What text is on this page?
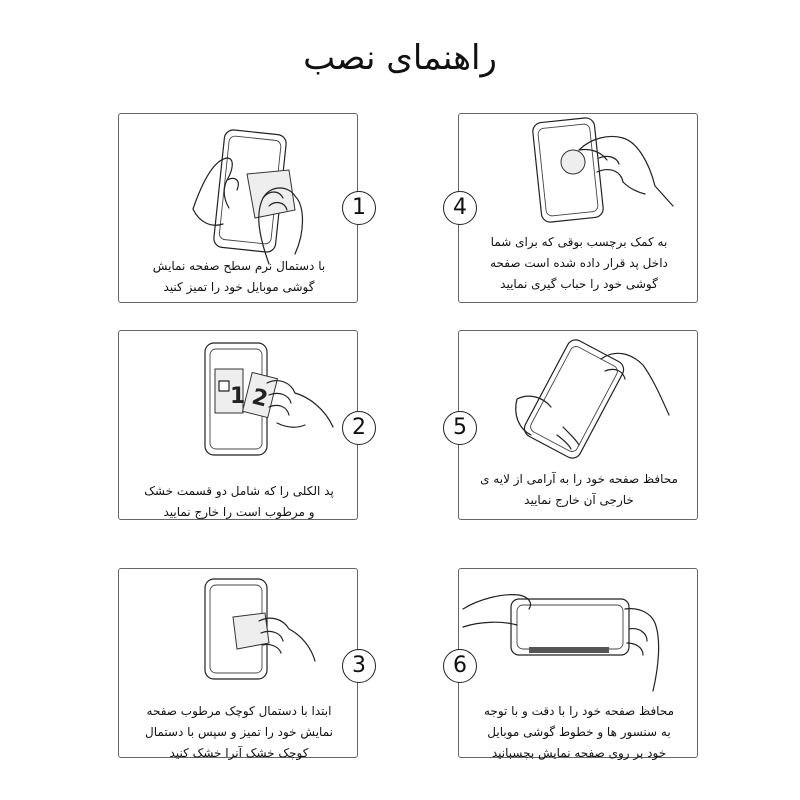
راهنمای نصب
1
با دستمال نرم سطح صفحه نمایش
گوشی موبایل خود را تمیز کنید
4
به کمک برچسب بوقی که برای شما
داخل پد قرار داده شده است صفحه
گوشی خود را حباب گیری نمایید
1 2
2
پد الکلی را که شامل دو قسمت خشک
و مرطوب است را خارج نمایید
5
محافظ صفحه خود را به آرامی از لایه ی
خارجی آن خارج نمایید
3
ابتدا با دستمال کوچک مرطوب صفحه
نمایش خود را تمیز و سپس با دستمال
کوچک خشک آنرا خشک کنید
6
محافظ صفحه خود را با دقت و با توجه
به سنسور ها و خطوط گوشی موبایل
خود بر روی صفحه نمایش بچسبانید
